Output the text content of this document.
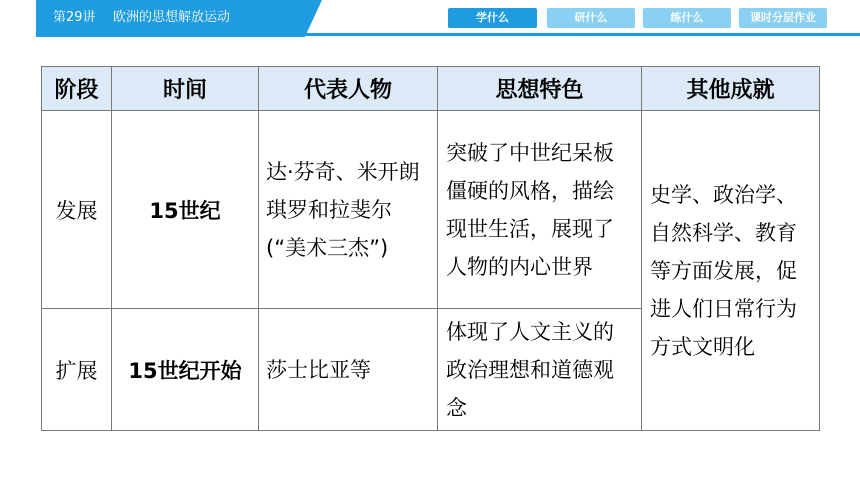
第29讲 欧洲的思想解放运动	学什么	研什么	练什么	课时分层作业
阶段	时间	代表人物	思想特色	其他成就
发展	15世纪	达·芬奇、米开朗琪罗和拉斐尔(“美术三杰”)	突破了中世纪呆板僵硬的风格，描绘现世生活，展现了人物的内心世界	史学、政治学、自然科学、教育等方面发展，促进人们日常行为方式文明化

扩展	15世纪开始	莎士比亚等	体现了人文主义的政治理想和道德观念	
